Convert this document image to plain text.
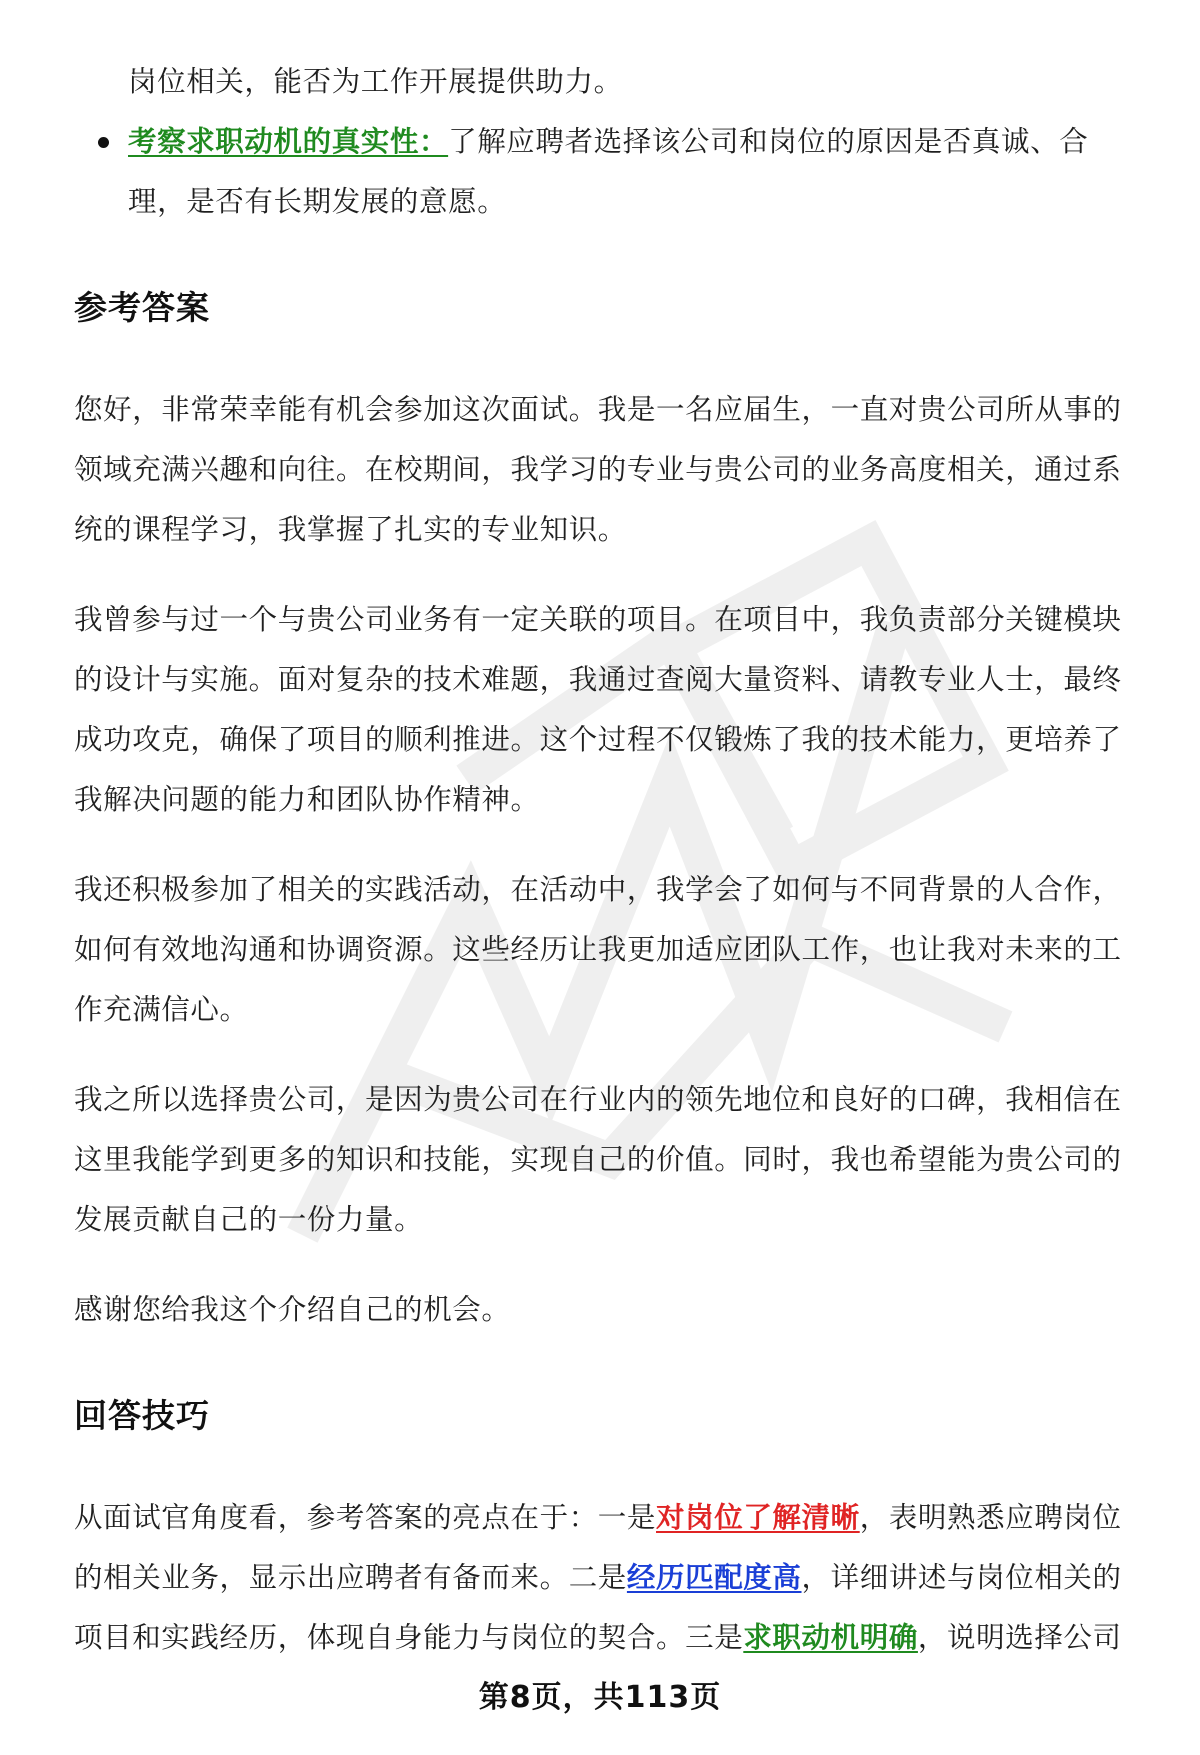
岗位相关，能否为工作开展提供助力。

考察求职动机的真实性：了解应聘者选择该公司和岗位的原因是否真诚、合
理，是否有长期发展的意愿。
参考答案

您好，非常荣幸能有机会参加这次面试。我是一名应届生，一直对贵公司所从事的领域充满兴趣和向往。在校期间，我学习的专业与贵公司的业务高度相关，通过系统的课程学习，我掌握了扎实的专业知识。

我曾参与过一个与贵公司业务有一定关联的项目。在项目中，我负责部分关键模块的设计与实施。面对复杂的技术难题，我通过查阅大量资料、请教专业人士，最终成功攻克，确保了项目的顺利推进。这个过程不仅锻炼了我的技术能力，更培养了我解决问题的能力和团队协作精神。

我还积极参加了相关的实践活动，在活动中，我学会了如何与不同背景的人合作，如何有效地沟通和协调资源。这些经历让我更加适应团队工作，也让我对未来的工作充满信心。

我之所以选择贵公司，是因为贵公司在行业内的领先地位和良好的口碑，我相信在这里我能学到更多的知识和技能，实现自己的价值。同时，我也希望能为贵公司的发展贡献自己的一份力量。

感谢您给我这个介绍自己的机会。

回答技巧

从面试官角度看，参考答案的亮点在于：一是对岗位了解清晰，表明熟悉应聘岗位的相关业务，显示出应聘者有备而来。二是经历匹配度高，详细讲述与岗位相关的项目和实践经历，体现自身能力与岗位的契合。三是求职动机明确，说明选择公司

第8页，共113页
